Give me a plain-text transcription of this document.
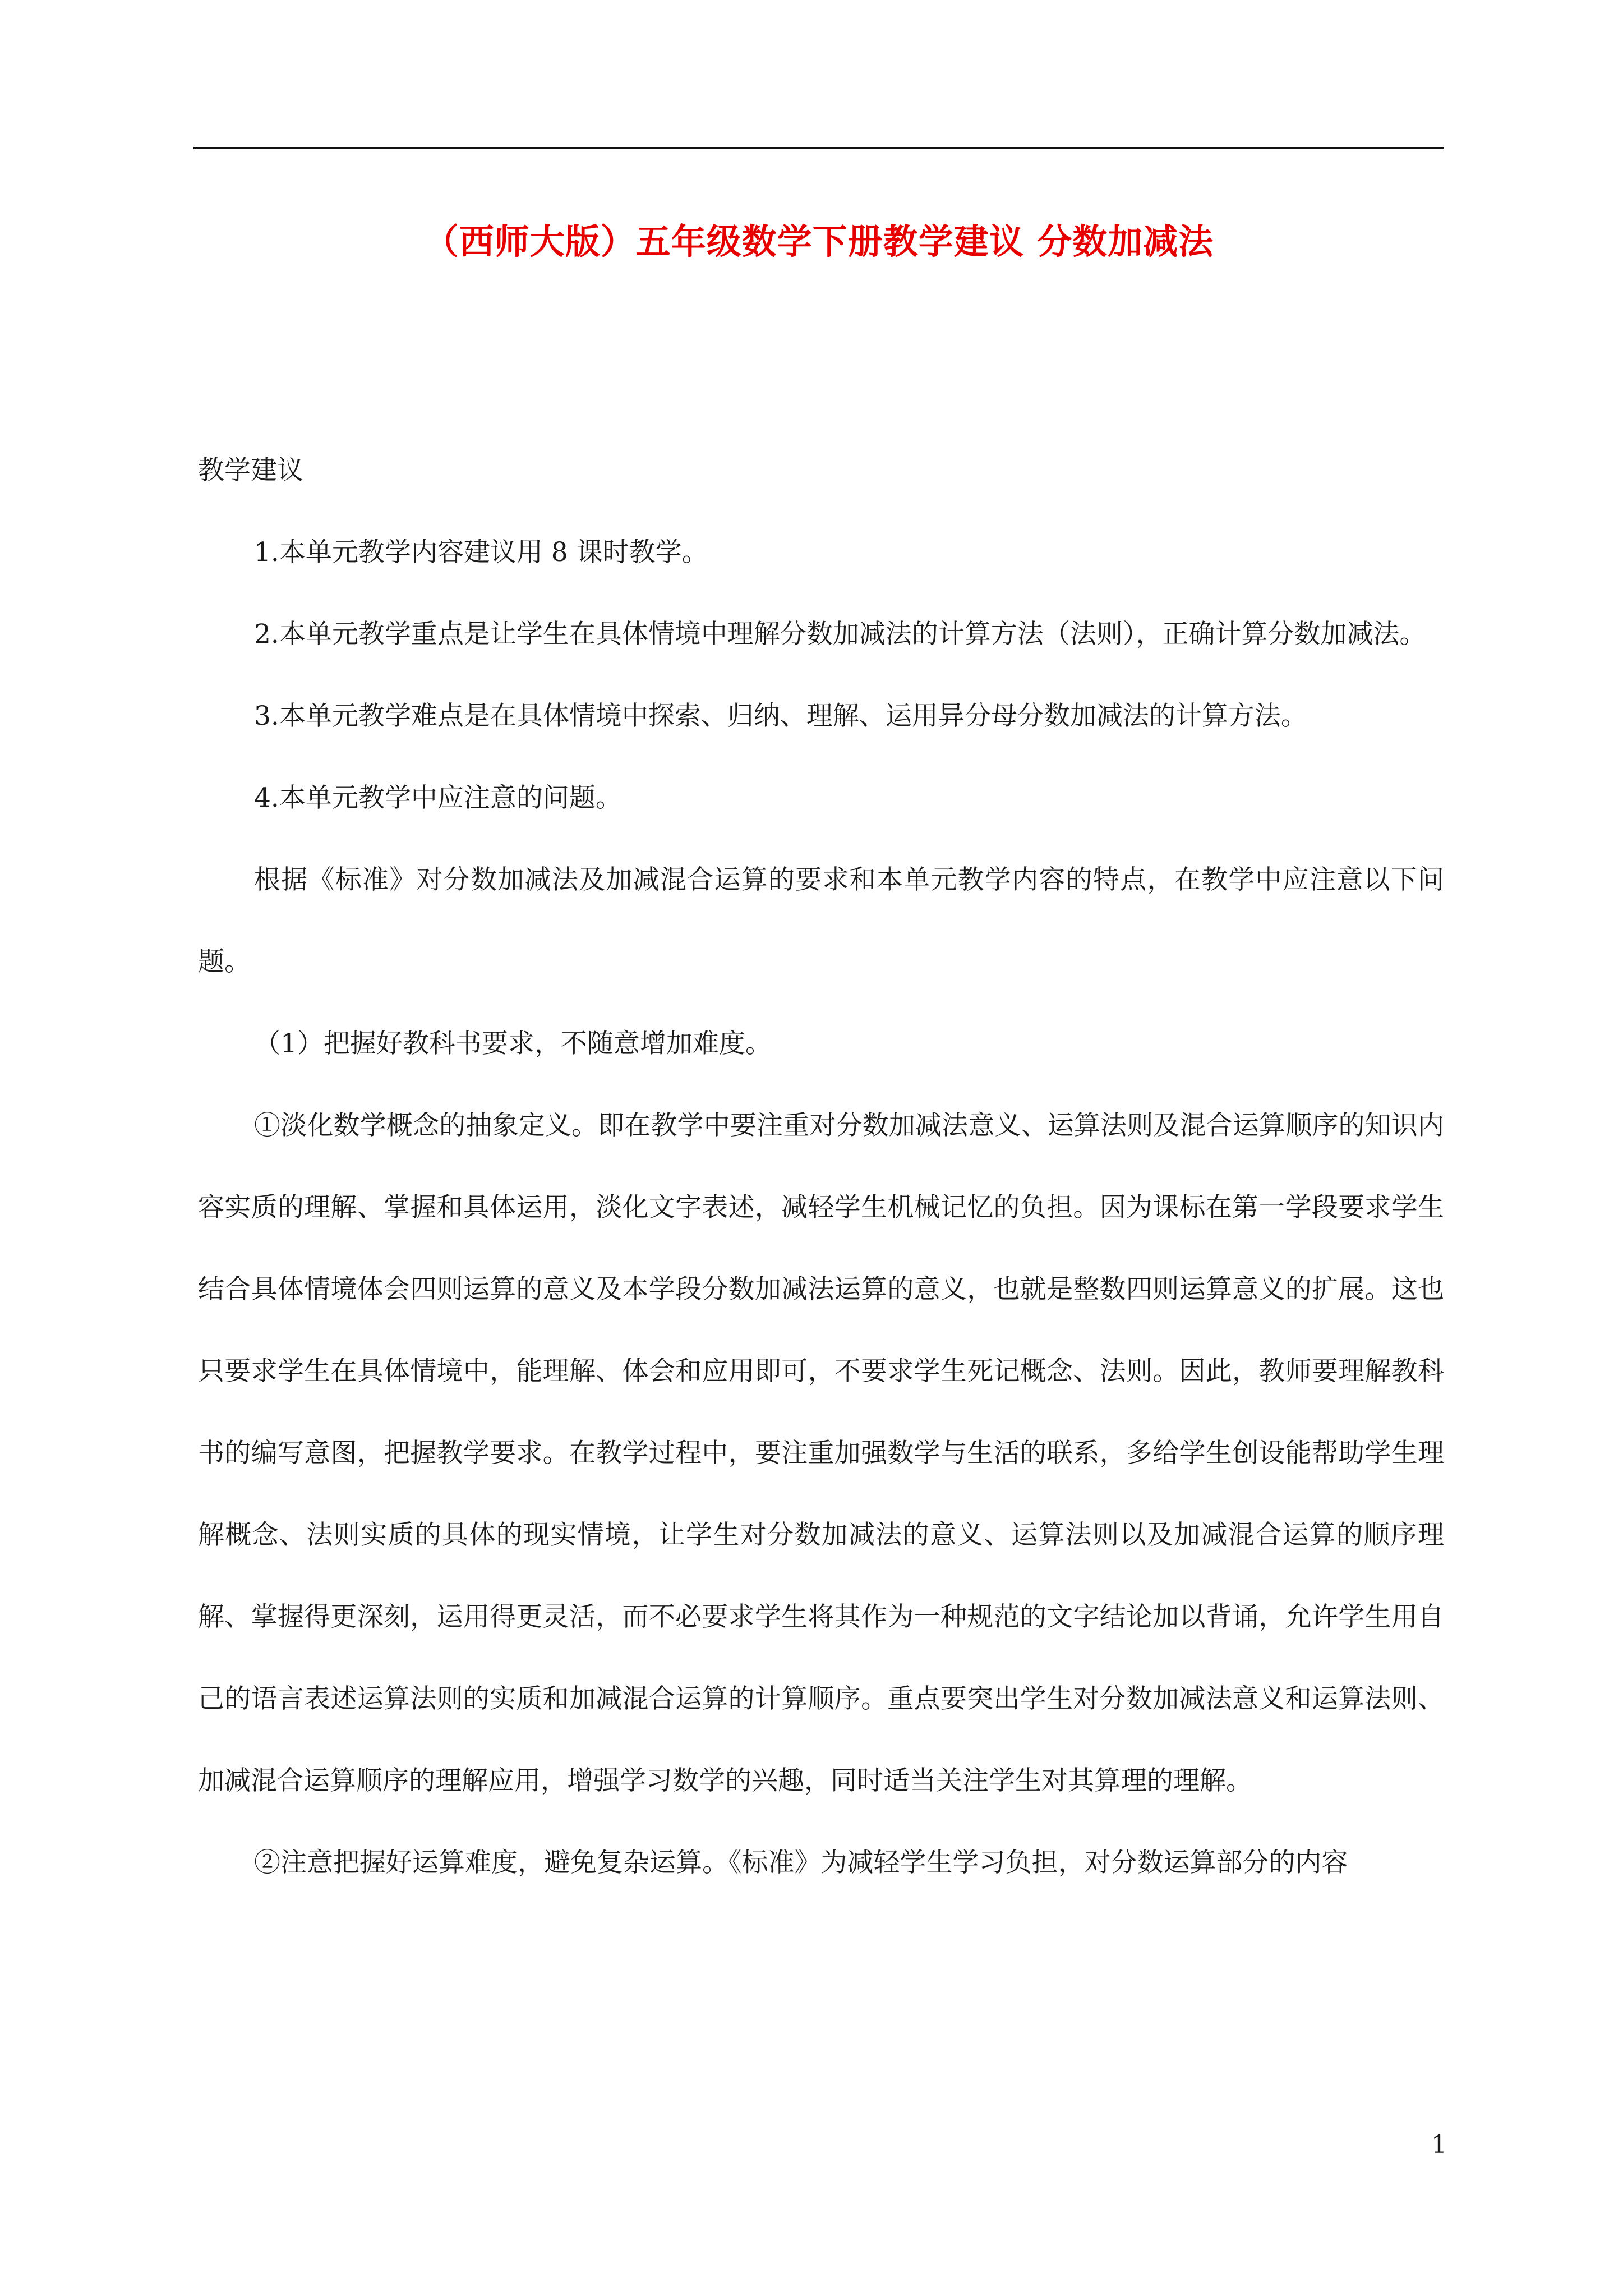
（西师大版）五年级数学下册教学建议 分数加减法

教学建议

1.本单元教学内容建议用 8 课时教学。

2.本单元教学重点是让学生在具体情境中理解分数加减法的计算方法（法则），正确计算分数加减法。

3.本单元教学难点是在具体情境中探索、归纳、理解、运用异分母分数加减法的计算方法。

4.本单元教学中应注意的问题。

根据《标准》对分数加减法及加减混合运算的要求和本单元教学内容的特点，在教学中应注意以下问题。

（1）把握好教科书要求，不随意增加难度。

①淡化数学概念的抽象定义。即在教学中要注重对分数加减法意义、运算法则及混合运算顺序的知识内容实质的理解、掌握和具体运用，淡化文字表述，减轻学生机械记忆的负担。因为课标在第一学段要求学生结合具体情境体会四则运算的意义及本学段分数加减法运算的意义，也就是整数四则运算意义的扩展。这也只要求学生在具体情境中，能理解、体会和应用即可，不要求学生死记概念、法则。因此，教师要理解教科书的编写意图，把握教学要求。在教学过程中，要注重加强数学与生活的联系，多给学生创设能帮助学生理解概念、法则实质的具体的现实情境，让学生对分数加减法的意义、运算法则以及加减混合运算的顺序理解、掌握得更深刻，运用得更灵活，而不必要求学生将其作为一种规范的文字结论加以背诵，允许学生用自己的语言表述运算法则的实质和加减混合运算的计算顺序。重点要突出学生对分数加减法意义和运算法则、加减混合运算顺序的理解应用，增强学习数学的兴趣，同时适当关注学生对其算理的理解。

②注意把握好运算难度，避免复杂运算。《标准》为减轻学生学习负担，对分数运算部分的内容

1
